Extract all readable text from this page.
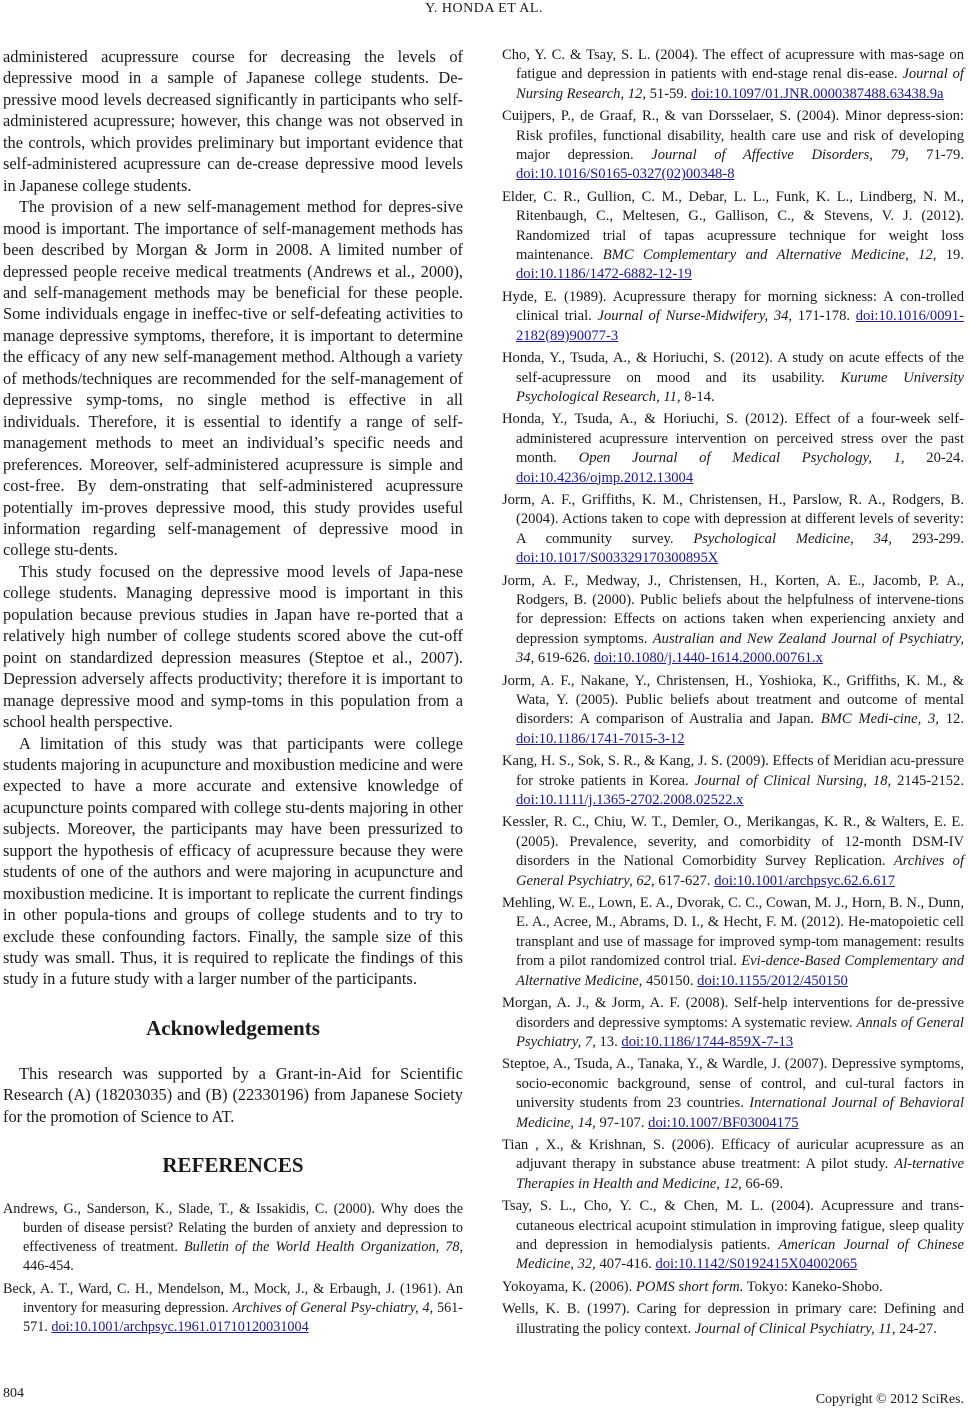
Y. HONDA ET AL.

administered acupressure course for decreasing the levels of depressive mood in a sample of Japanese college students. De-pressive mood levels decreased significantly in participants who self-administered acupressure; however, this change was not observed in the controls, which provides preliminary but important evidence that self-administered acupressure can de-crease depressive mood levels in Japanese college students.

The provision of a new self-management method for depres-sive mood is important. The importance of self-management methods has been described by Morgan & Jorm in 2008. A limited number of depressed people receive medical treatments (Andrews et al., 2000), and self-management methods may be beneficial for these people. Some individuals engage in ineffec-tive or self-defeating activities to manage depressive symptoms, therefore, it is important to determine the efficacy of any new self-management method. Although a variety of methods/techniques are recommended for the self-management of depressive symp-toms, no single method is effective in all individuals. Therefore, it is essential to identify a range of self-management methods to meet an individual’s specific needs and preferences. Moreover, self-administered acupressure is simple and cost-free. By dem-onstrating that self-administered acupressure potentially im-proves depressive mood, this study provides useful information regarding self-management of depressive mood in college stu-dents.

This study focused on the depressive mood levels of Japa-nese college students. Managing depressive mood is important in this population because previous studies in Japan have re-ported that a relatively high number of college students scored above the cut-off point on standardized depression measures (Steptoe et al., 2007). Depression adversely affects productivity; therefore it is important to manage depressive mood and symp-toms in this population from a school health perspective.

A limitation of this study was that participants were college students majoring in acupuncture and moxibustion medicine and were expected to have a more accurate and extensive knowledge of acupuncture points compared with college stu-dents majoring in other subjects. Moreover, the participants may have been pressurized to support the hypothesis of efficacy of acupressure because they were students of one of the authors and were majoring in acupuncture and moxibustion medicine. It is important to replicate the current findings in other popula-tions and groups of college students and to try to exclude these confounding factors. Finally, the sample size of this study was small. Thus, it is required to replicate the findings of this study in a future study with a larger number of the participants.

Acknowledgements

This research was supported by a Grant-in-Aid for Scientific Research (A) (18203035) and (B) (22330196) from Japanese Society for the promotion of Science to AT.

REFERENCES

Andrews, G., Sanderson, K., Slade, T., & Issakidis, C. (2000). Why does the burden of disease persist? Relating the burden of anxiety and depression to effectiveness of treatment. Bulletin of the World Health Organization, 78, 446-454.

Beck, A. T., Ward, C. H., Mendelson, M., Mock, J., & Erbaugh, J. (1961). An inventory for measuring depression. Archives of General Psy-chiatry, 4, 561-571. doi:10.1001/archpsyc.1961.01710120031004

Cho, Y. C. & Tsay, S. L. (2004). The effect of acupressure with mas-sage on fatigue and depression in patients with end-stage renal dis-ease. Journal of Nursing Research, 12, 51-59. doi:10.1097/01.JNR.0000387488.63438.9a

Cuijpers, P., de Graaf, R., & van Dorsselaer, S. (2004). Minor depress-sion: Risk profiles, functional disability, health care use and risk of developing major depression. Journal of Affective Disorders, 79, 71-79. doi:10.1016/S0165-0327(02)00348-8

Elder, C. R., Gullion, C. M., Debar, L. L., Funk, K. L., Lindberg, N. M., Ritenbaugh, C., Meltesen, G., Gallison, C., & Stevens, V. J. (2012). Randomized trial of tapas acupressure technique for weight loss maintenance. BMC Complementary and Alternative Medicine, 12, 19. doi:10.1186/1472-6882-12-19

Hyde, E. (1989). Acupressure therapy for morning sickness: A con-trolled clinical trial. Journal of Nurse-Midwifery, 34, 171-178. doi:10.1016/0091-2182(89)90077-3

Honda, Y., Tsuda, A., & Horiuchi, S. (2012). A study on acute effects of the self-acupressure on mood and its usability. Kurume University Psychological Research, 11, 8-14.

Honda, Y., Tsuda, A., & Horiuchi, S. (2012). Effect of a four-week self-administered acupressure intervention on perceived stress over the past month. Open Journal of Medical Psychology, 1, 20-24. doi:10.4236/ojmp.2012.13004

Jorm, A. F., Griffiths, K. M., Christensen, H., Parslow, R. A., Rodgers, B. (2004). Actions taken to cope with depression at different levels of severity: A community survey. Psychological Medicine, 34, 293-299. doi:10.1017/S003329170300895X

Jorm, A. F., Medway, J., Christensen, H., Korten, A. E., Jacomb, P. A., Rodgers, B. (2000). Public beliefs about the helpfulness of intervene-tions for depression: Effects on actions taken when experiencing anxiety and depression symptoms. Australian and New Zealand Journal of Psychiatry, 34, 619-626. doi:10.1080/j.1440-1614.2000.00761.x

Jorm, A. F., Nakane, Y., Christensen, H., Yoshioka, K., Griffiths, K. M., & Wata, Y. (2005). Public beliefs about treatment and outcome of mental disorders: A comparison of Australia and Japan. BMC Medi-cine, 3, 12. doi:10.1186/1741-7015-3-12

Kang, H. S., Sok, S. R., & Kang, J. S. (2009). Effects of Meridian acu-pressure for stroke patients in Korea. Journal of Clinical Nursing, 18, 2145-2152. doi:10.1111/j.1365-2702.2008.02522.x

Kessler, R. C., Chiu, W. T., Demler, O., Merikangas, K. R., & Walters, E. E. (2005). Prevalence, severity, and comorbidity of 12-month DSM-IV disorders in the National Comorbidity Survey Replication. Archives of General Psychiatry, 62, 617-627. doi:10.1001/archpsyc.62.6.617

Mehling, W. E., Lown, E. A., Dvorak, C. C., Cowan, M. J., Horn, B. N., Dunn, E. A., Acree, M., Abrams, D. I., & Hecht, F. M. (2012). He-matopoietic cell transplant and use of massage for improved symp-tom management: results from a pilot randomized control trial. Evi-dence-Based Complementary and Alternative Medicine, 450150. doi:10.1155/2012/450150

Morgan, A. J., & Jorm, A. F. (2008). Self-help interventions for de-pressive disorders and depressive symptoms: A systematic review. Annals of General Psychiatry, 7, 13. doi:10.1186/1744-859X-7-13

Steptoe, A., Tsuda, A., Tanaka, Y., & Wardle, J. (2007). Depressive symptoms, socio-economic background, sense of control, and cul-tural factors in university students from 23 countries. International Journal of Behavioral Medicine, 14, 97-107. doi:10.1007/BF03004175

Tian , X., & Krishnan, S. (2006). Efficacy of auricular acupressure as an adjuvant therapy in substance abuse treatment: A pilot study. Al-ternative Therapies in Health and Medicine, 12, 66-69.

Tsay, S. L., Cho, Y. C., & Chen, M. L. (2004). Acupressure and trans-cutaneous electrical acupoint stimulation in improving fatigue, sleep quality and depression in hemodialysis patients. American Journal of Chinese Medicine, 32, 407-416. doi:10.1142/S0192415X04002065

Yokoyama, K. (2006). POMS short form. Tokyo: Kaneko-Shobo.

Wells, K. B. (1997). Caring for depression in primary care: Defining and illustrating the policy context. Journal of Clinical Psychiatry, 11, 24-27.

804	Copyright © 2012 SciRes.
